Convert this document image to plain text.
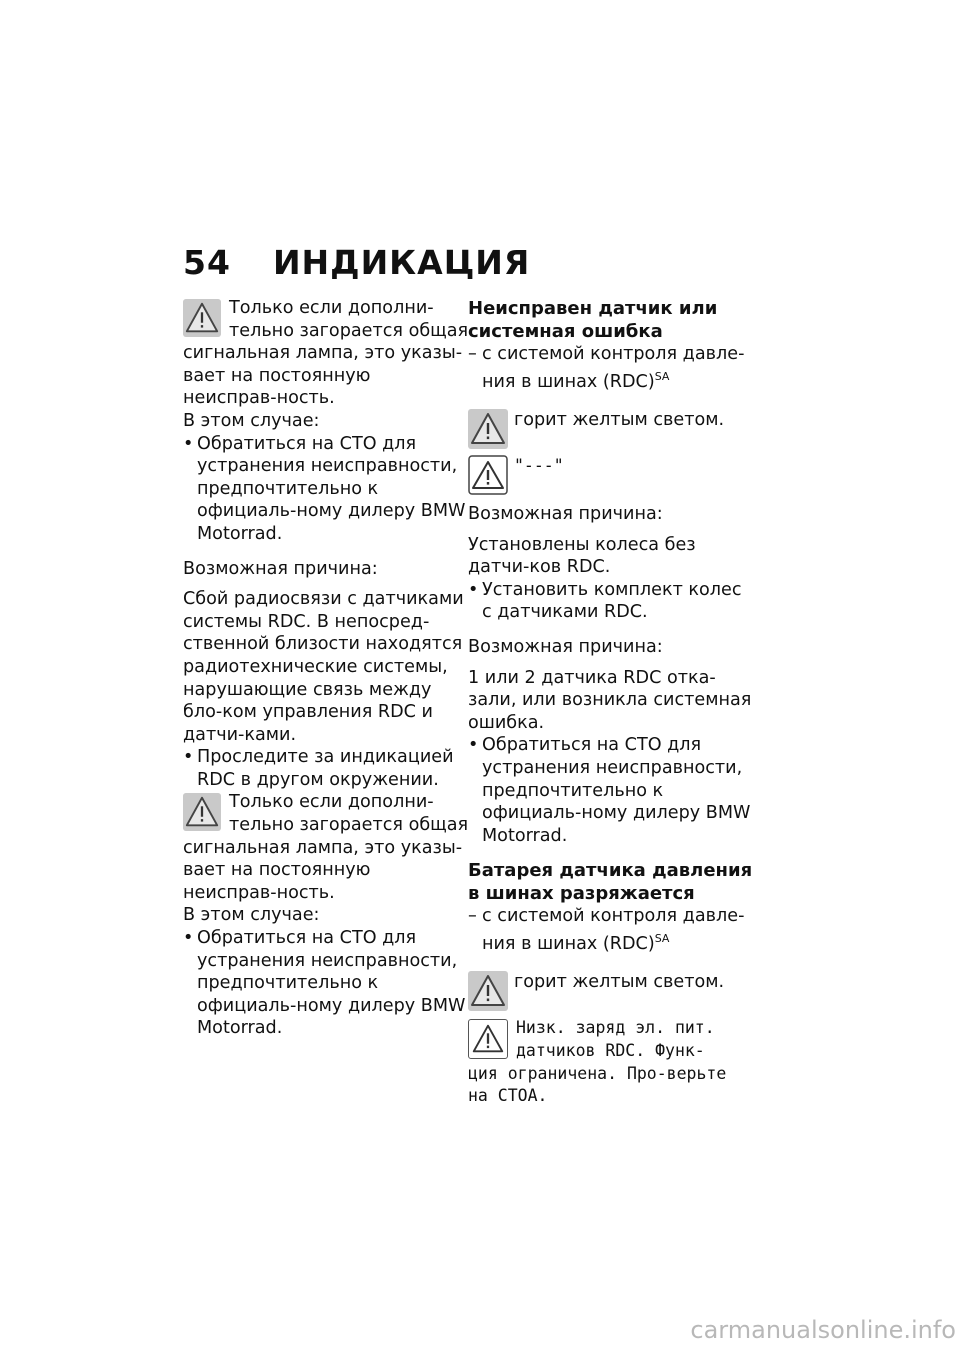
54 ИНДИКАЦИЯ

Только если дополни-

тельно загорается общая

сигнальная лампа, это указы-вает на постоянную неисправ-ность.

В этом случае:

• Обратиться на СТО для устранения неисправности, предпочтительно к официаль-ному дилеру BMW Motorrad.

Возможная причина:

Сбой радиосвязи с датчиками системы RDC. В непосред-ственной близости находятся радиотехнические системы, нарушающие связь между бло-ком управления RDC и датчи-ками.

• Проследите за индикацией RDC в другом окружении.

Только если дополни-

тельно загорается общая

сигнальная лампа, это указы-вает на постоянную неисправ-ность.

В этом случае:

• Обратиться на СТО для устранения неисправности, предпочтительно к официаль-ному дилеру BMW Motorrad.

Неисправен датчик или системная ошибка

– с системой контроля давле-ния в шинах (RDC)$^{SA}$

горит желтым светом.
"---"

Возможная причина:

Установлены колеса без датчи-ков RDC.

• Установить комплект колес с датчиками RDC.

Возможная причина:

1 или 2 датчика RDC отка-зали, или возникла системная ошибка.

• Обратиться на СТО для устранения неисправности, предпочтительно к официаль-ному дилеру BMW Motorrad.

Батарея датчика давления в шинах разряжается

– с системой контроля давле-ния в шинах (RDC)$^{SA}$

горит желтым светом.

Низк. заряд эл. пит.

датчиков RDC. Функ-

ция ограничена. Про-верьте на СТОА.

carmanualsonline.info
